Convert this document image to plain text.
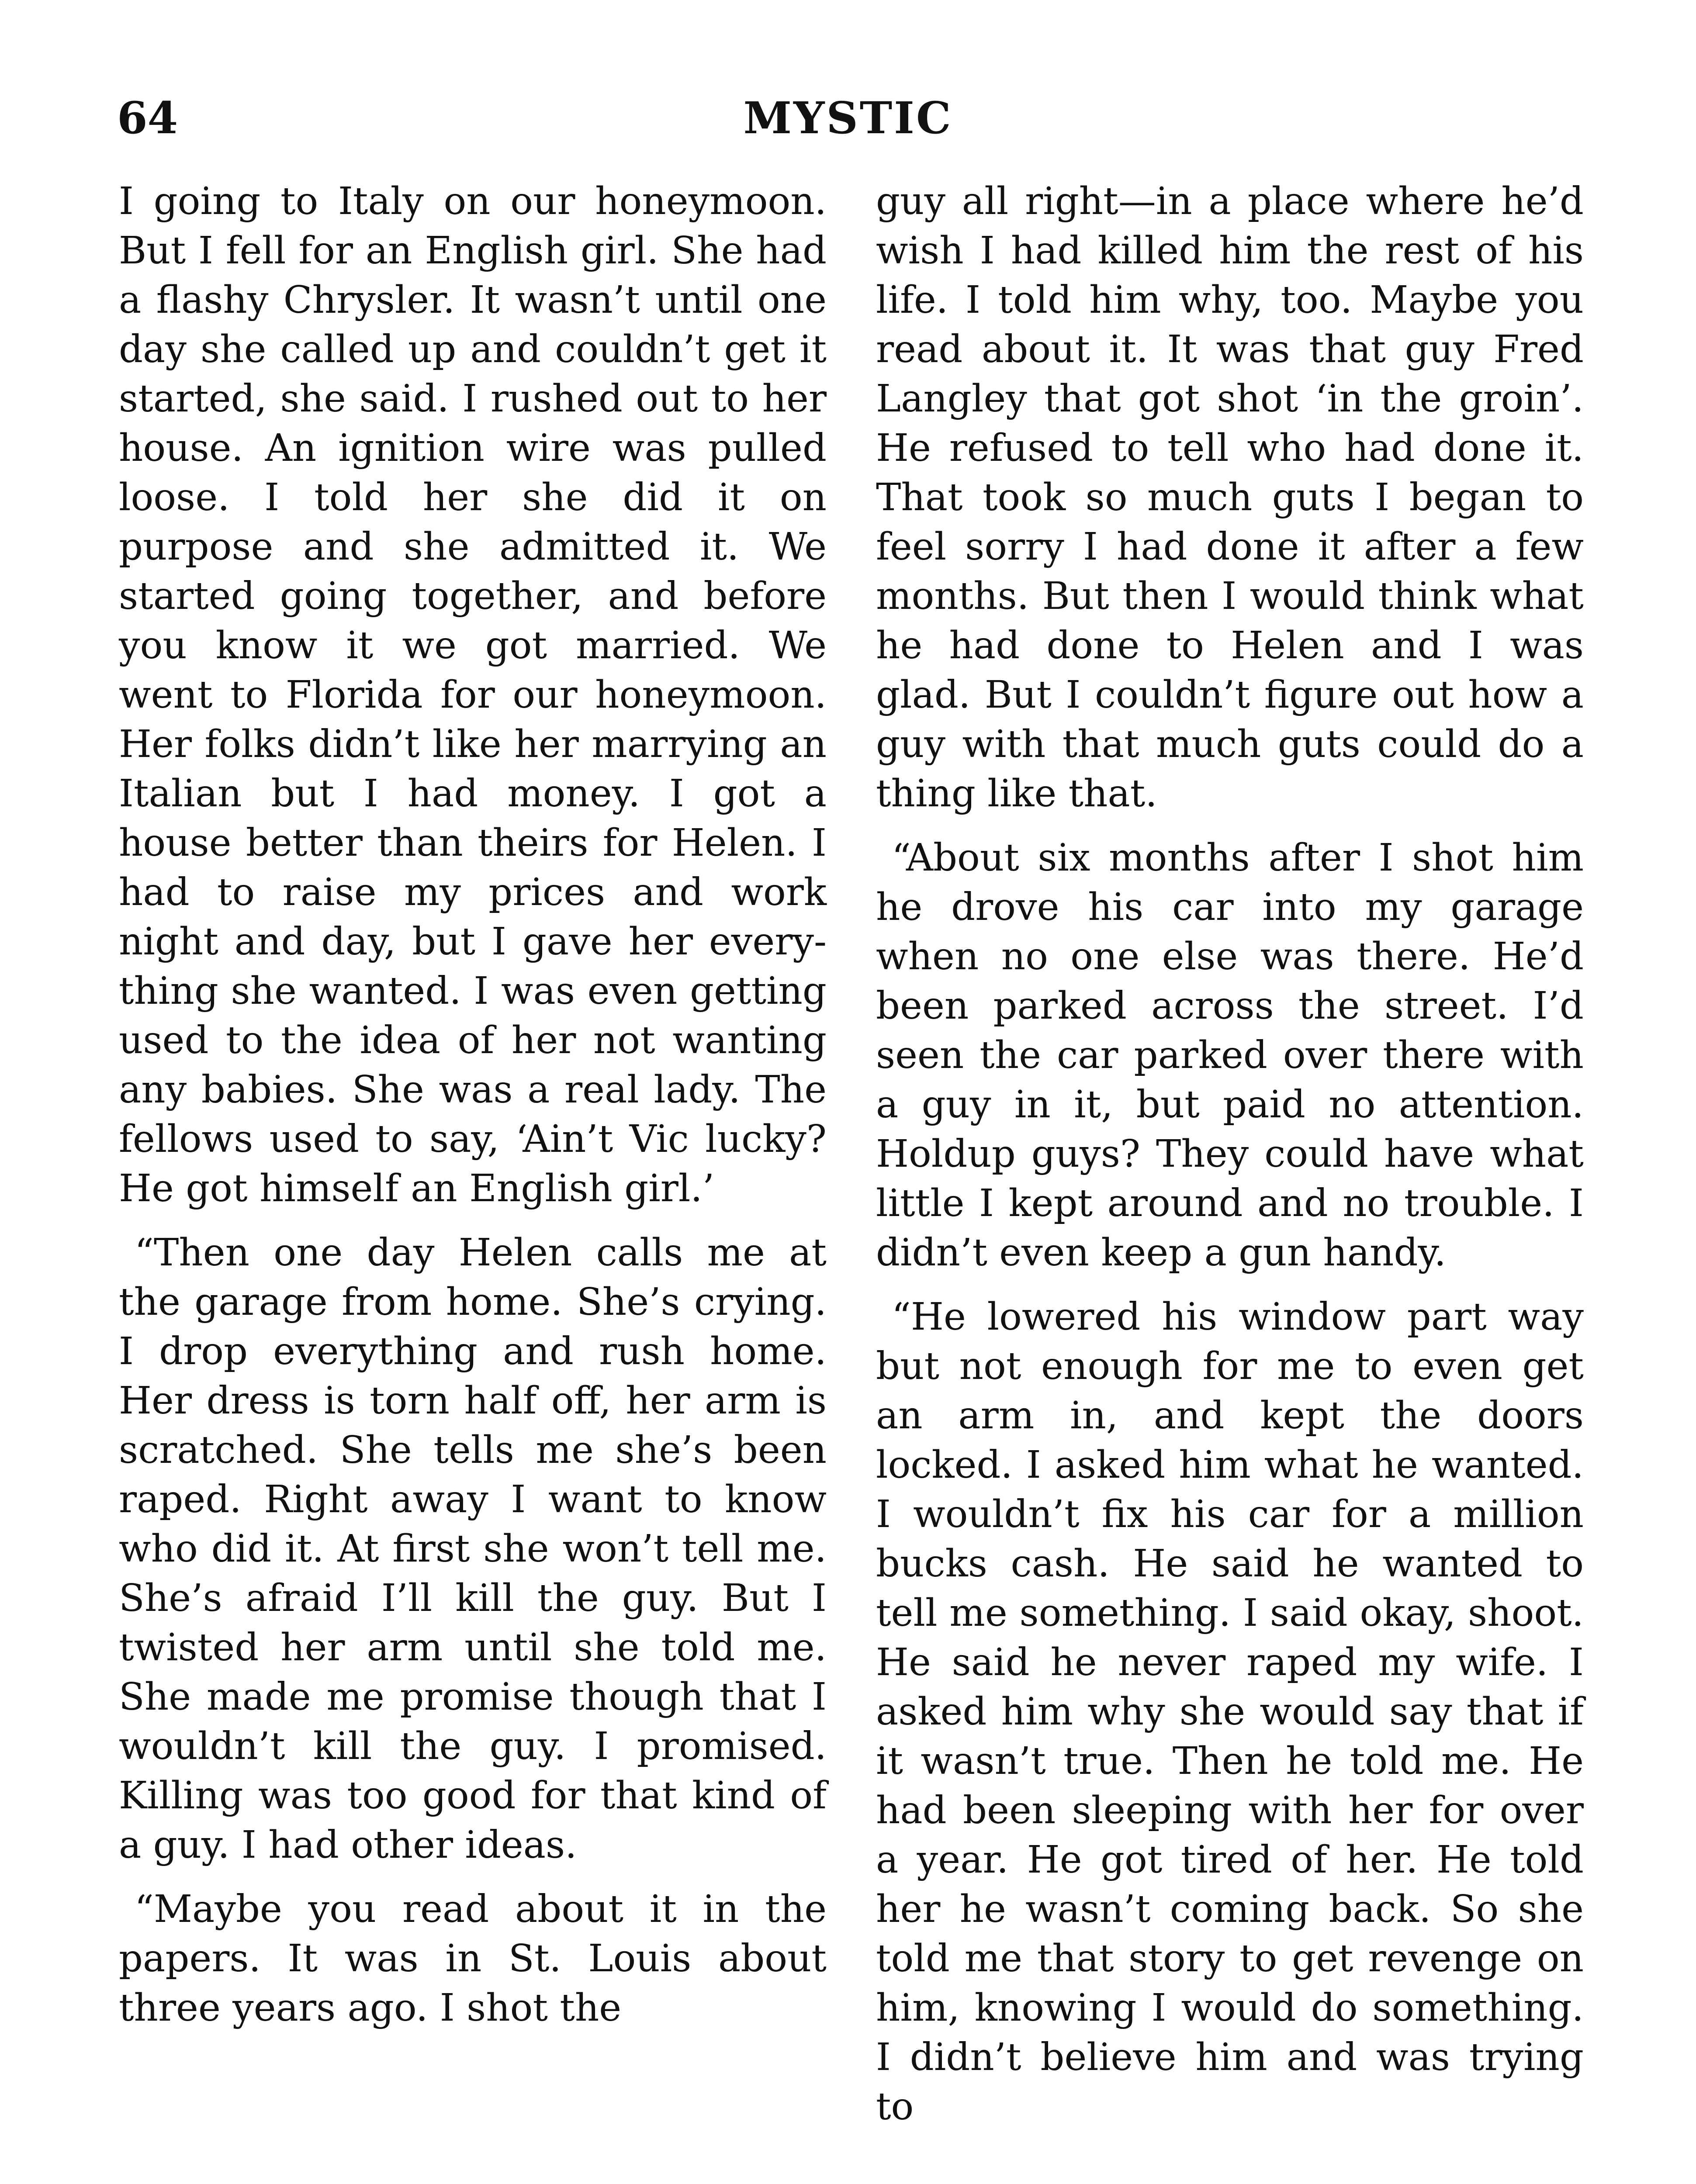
64	MYSTIC

I going to Italy on our honeymoon. But I fell for an English girl. She had a flashy Chrysler. It wasn’t until one day she called up and couldn’t get it started, she said. I rushed out to her house. An ignition wire was pulled loose. I told her she did it on purpose and she admitted it. We started going together, and before you know it we got married. We went to Florida for our honeymoon. Her folks didn’t like her marrying an Italian but I had money. I got a house better than theirs for Helen. I had to raise my prices and work night and day, but I gave her everything she wanted. I was even getting used to the idea of her not wanting any babies. She was a real lady. The fellows used to say, ‘Ain’t Vic lucky? He got himself an English girl.’

“Then one day Helen calls me at the garage from home. She’s crying. I drop everything and rush home. Her dress is torn half off, her arm is scratched. She tells me she’s been raped. Right away I want to know who did it. At first she won’t tell me. She’s afraid I’ll kill the guy. But I twisted her arm until she told me. She made me promise though that I wouldn’t kill the guy. I promised. Killing was too good for that kind of a guy. I had other ideas.

“Maybe you read about it in the papers. It was in St. Louis about three years ago. I shot the

guy all right—in a place where he’d wish I had killed him the rest of his life. I told him why, too. Maybe you read about it. It was that guy Fred Langley that got shot ‘in the groin’. He refused to tell who had done it. That took so much guts I began to feel sorry I had done it after a few months. But then I would think what he had done to Helen and I was glad. But I couldn’t figure out how a guy with that much guts could do a thing like that.

“About six months after I shot him he drove his car into my garage when no one else was there. He’d been parked across the street. I’d seen the car parked over there with a guy in it, but paid no attention. Holdup guys? They could have what little I kept around and no trouble. I didn’t even keep a gun handy.

“He lowered his window part way but not enough for me to even get an arm in, and kept the doors locked. I asked him what he wanted. I wouldn’t fix his car for a million bucks cash. He said he wanted to tell me something. I said okay, shoot. He said he never raped my wife. I asked him why she would say that if it wasn’t true. Then he told me. He had been sleeping with her for over a year. He got tired of her. He told her he wasn’t coming back. So she told me that story to get revenge on him, knowing I would do something. I didn’t believe him and was trying to
